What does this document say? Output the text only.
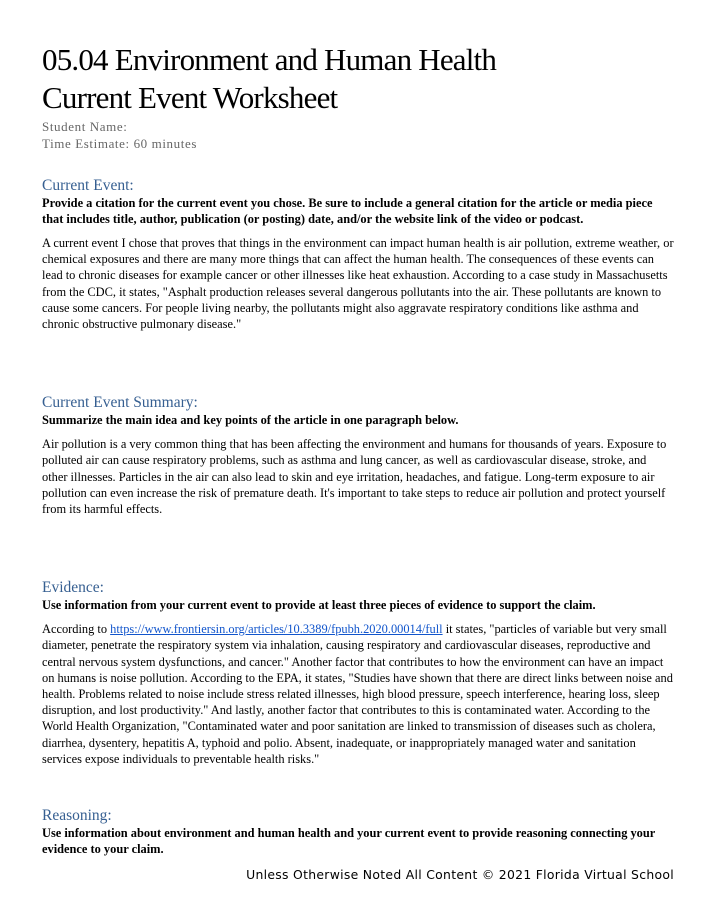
05.04 Environment and Human Health
Current Event Worksheet
Student Name:
Time Estimate: 60 minutes
Current Event:

Provide a citation for the current event you chose. Be sure to include a general citation for the article or media piece that includes title, author, publication (or posting) date, and/or the website link of the video or podcast.

A current event I chose that proves that things in the environment can impact human health is air pollution, extreme weather, or chemical exposures and there are many more things that can affect the human health. The consequences of these events can lead to chronic diseases for example cancer or other illnesses like heat exhaustion. According to a case study in Massachusetts from the CDC, it states, "Asphalt production releases several dangerous pollutants into the air. These pollutants are known to cause some cancers. For people living nearby, the pollutants might also aggravate respiratory conditions like asthma and chronic obstructive pulmonary disease."

Current Event Summary:

Summarize the main idea and key points of the article in one paragraph below.

Air pollution is a very common thing that has been affecting the environment and humans for thousands of years. Exposure to polluted air can cause respiratory problems, such as asthma and lung cancer, as well as cardiovascular disease, stroke, and other illnesses. Particles in the air can also lead to skin and eye irritation, headaches, and fatigue. Long-term exposure to air pollution can even increase the risk of premature death. It's important to take steps to reduce air pollution and protect yourself from its harmful effects.

Evidence:

Use information from your current event to provide at least three pieces of evidence to support the claim.

According to https://www.frontiersin.org/articles/10.3389/fpubh.2020.00014/full it states, "particles of variable but very small diameter, penetrate the respiratory system via inhalation, causing respiratory and cardiovascular diseases, reproductive and central nervous system dysfunctions, and cancer." Another factor that contributes to how the environment can have an impact on humans is noise pollution. According to the EPA, it states, "Studies have shown that there are direct links between noise and health. Problems related to noise include stress related illnesses, high blood pressure, speech interference, hearing loss, sleep disruption, and lost productivity." And lastly, another factor that contributes to this is contaminated water. According to the World Health Organization, "Contaminated water and poor sanitation are linked to transmission of diseases such as cholera, diarrhea, dysentery, hepatitis A, typhoid and polio. Absent, inadequate, or inappropriately managed water and sanitation services expose individuals to preventable health risks."

Reasoning:

Use information about environment and human health and your current event to provide reasoning connecting your evidence to your claim.

Unless Otherwise Noted All Content © 2021 Florida Virtual School
